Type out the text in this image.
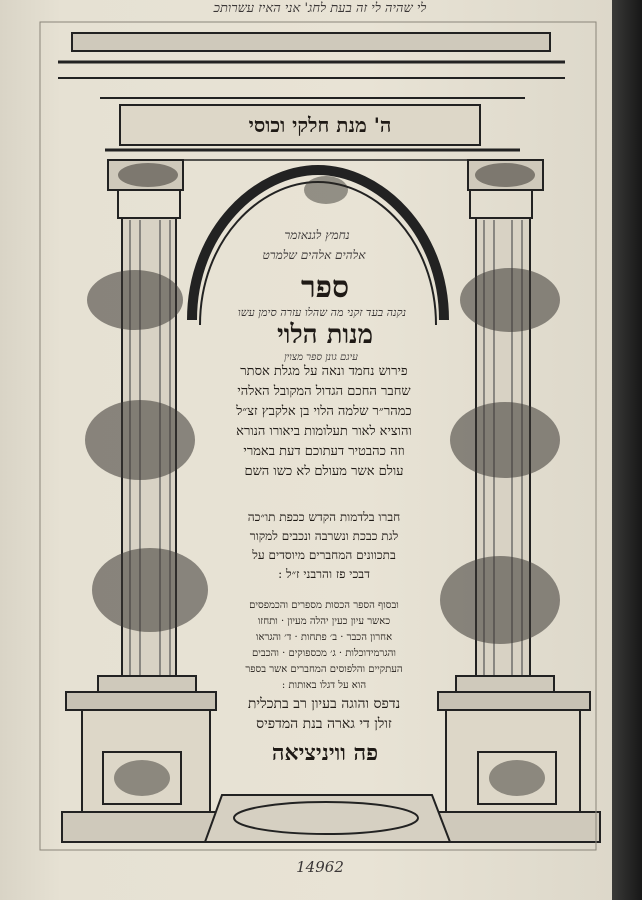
לי שהיה לי זה בעת לחג' אני האיז עשרותכ
נחמץ לגנאזמר
אלהים אלהים שלמרט
ה' מנת חלקי וכוסי
ספר
נקנה בעד זקני מה שהלו עזרה סימן עשו
מנות הלוי
עיגם גונן ספר מצוין
פירוש נחמד ונאה על מגלת אסתר
שחבר החכם הגדול המקובל האלהי
כמהר״ר שלמה הלוי בן אלקבץ זצ״ל
והוציא לאור תעלומות ביאורו הנורא
וזה כהבטיר דעתוכם דעת באמרי
עולם אשר מעולם לא כשו השם
חברו בלדמות הקדש ככפת תו״כה
לגת כבכת ונשרבה ונכבים למקור
בתכוונים המחברים מיוסדים על
דבכי פז והרבני ז״ל :
ובסוף הספר הכסות מספרים והכמפסים
כאשר עיון כעין יהלה מעיון · ותחזו
אחרון הכבר · ב׳ פתחות · ד׳ והגראו
והגרמידוכלות · ג׳ מכספוקים · והכבים
העתקיים והלפוסים המחברים אשר בספר
הוא על דגלו באותות :
נדפס והוגה בעיון רב בתכלית
זולן די גארה בנת המדפיס
פה וויניציאה
14962
